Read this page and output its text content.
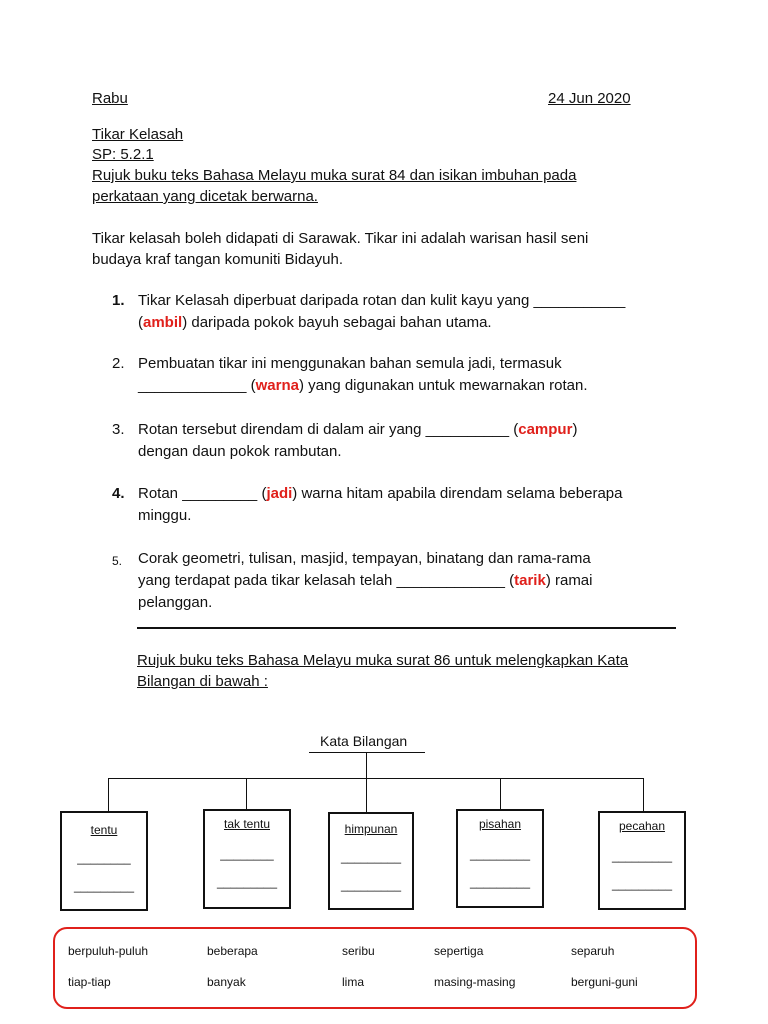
Rabu	24 Jun 2020
Tikar Kelasah
SP: 5.2.1
Rujuk buku teks Bahasa Melayu muka surat 84 dan isikan imbuhan pada
perkataan yang dicetak berwarna.
Tikar kelasah boleh didapati di Sarawak. Tikar ini adalah warisan hasil seni
budaya kraf tangan komuniti Bidayuh.
1. Tikar Kelasah diperbuat daripada rotan dan kulit kayu yang ___________
(ambil) daripada pokok bayuh sebagai bahan utama.
2. Pembuatan tikar ini menggunakan bahan semula jadi, termasuk
_____________ (warna) yang digunakan untuk mewarnakan rotan.
3. Rotan tersebut direndam di dalam air yang __________ (campur)
dengan daun pokok rambutan.
4. Rotan _________ (jadi) warna hitam apabila direndam selama beberapa
minggu.
5. Corak geometri, tulisan, masjid, tempayan, binatang dan rama-rama
yang terdapat pada tikar kelasah telah _____________ (tarik) ramai
pelanggan.
Rujuk buku teks Bahasa Melayu muka surat 86 untuk melengkapkan Kata
Bilangan di bawah :
Kata Bilangan
tentu
________
_________
tak tentu
________
_________
himpunan
_________
_________
pisahan
_________
_________
pecahan
_________
_________
berpuluh-puluh	beberapa	seribu	sepertiga	separuh
tiap-tiap	banyak	lima	masing-masing	berguni-guni
